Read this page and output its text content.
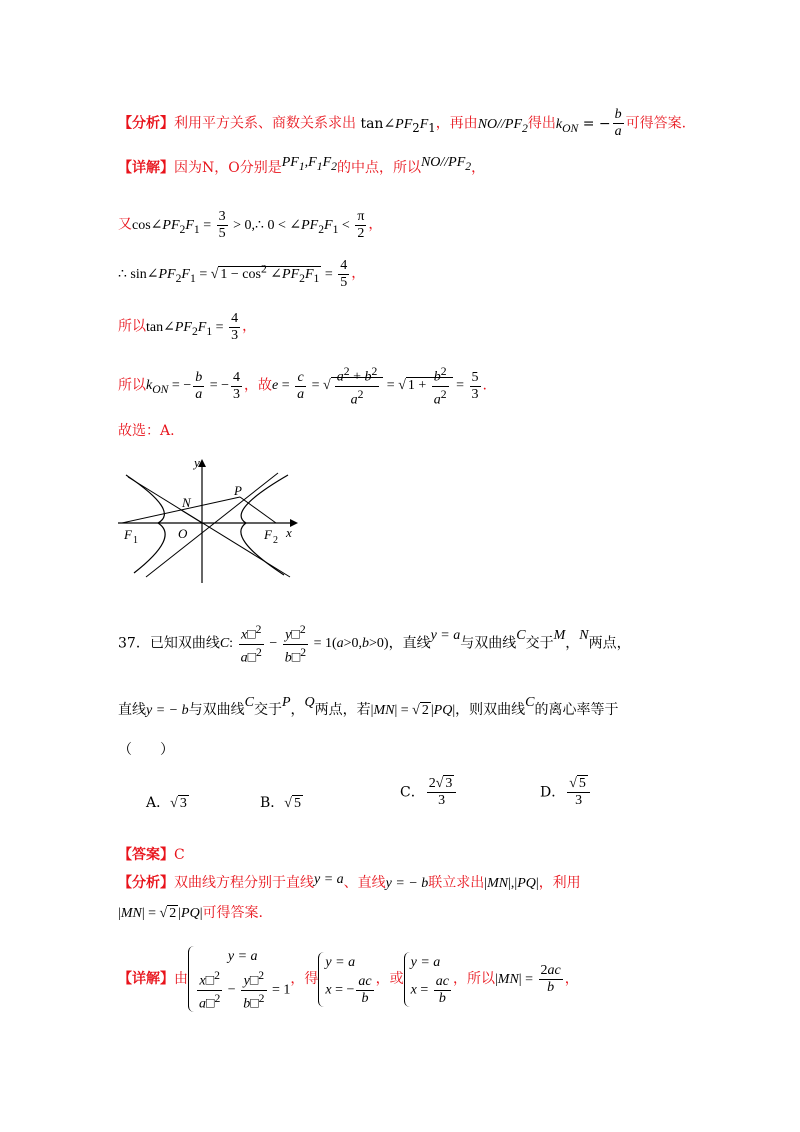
【分析】利用平方关系、商数关系求出 $\tan\angle PF_2F_1$，再由$NO//PF_2$得出$k_{ON}$ = − $\frac{b}{a}$ 可得答案.
【详解】因为N，O分别是$PF_1,F_1F_2$的中点，所以$NO//PF_2$，
又$\cos\angle PF_2F_1 = \frac{3}{5}$ > 0,∴ $0 < \angle PF_2F_1 < \frac{\pi}{2}$ ，
∴ $\sin\angle PF_2F_1$ = √ $1 - \cos^2$ $\angle PF_2F_1 = \frac{4}{5}$ ，
所以$\tan\angle PF_2F_1 = \frac{4}{3}$ ，
所以$k_{ON}$ = − $\frac{b}{a}$ = − $\frac{4}{3}$ ，故$e = \frac{c}{a}$ = √ $\frac{a^2 + b^2}{a^2}$ = √ $1 + \frac{b^2}{a^2} = \frac{5}{3}$ .
故选：A.
y
x
N
P
O
F 1	F 2
37．已知双曲线C: $\frac{x□^2}{a□^2} - \frac{y□^2}{b□^2} = 1(a>0,b>0)$，直线y = a与双曲线C交于M，N两点，
直线y = − b与双曲线C交于P，Q两点，若|MN| = √ 2 |PQ|，则双曲线C的离心率等于
（　　）
A．√ 3	B．√ 5
C． $\frac{2√ 3}{3}$	D． $\frac{√ 5}{3}$
【答案】C
【分析】双曲线方程分别于直线y = a、直线y = − b联立求出|MN|,|PQ|，利用
|MN| = √ 2 |PQ|可得答案.
【详解】由
y = a
$\frac{x□^2}{a□^2} - \frac{y□^2}{b□^2} = 1$
，得
y = a
x = − $\frac{ac}{b}$ ，或
y = a
$x = \frac{ac}{b}$ ，所以$|MN| = \frac{2ac}{b}$ ，
